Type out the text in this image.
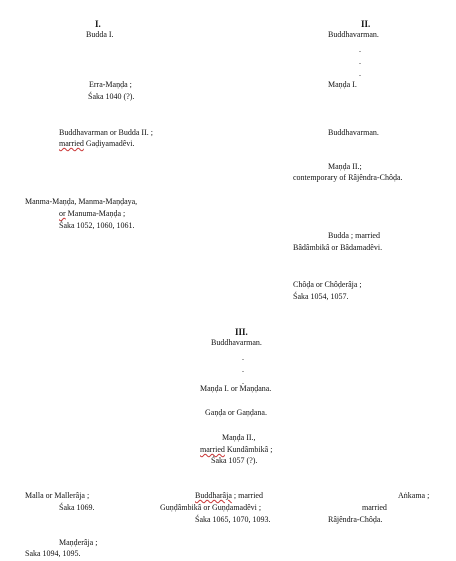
I.
Budda I.
Erra-Maṇḍa ;
Śaka 1040 (?).
Buddhavarman or Budda II. ;
married Gaḍiyamadêvi.
Manma-Maṇḍa, Manma-Maṇḍaya,
or Manuma-Maṇḍa ;
Śaka 1052, 1060, 1061.
II.
Buddhavarman.
.
.
.
Maṇḍa I.
Buddhavarman.
Maṇḍa II.;
contemporary of Râjêndra-Chôḍa.
Budda ; married
Bâdâmbikâ or Bâdamadêvi.
Chôḍa or Chôḍerâja ;
Śaka 1054, 1057.
III.
Buddhavarman.
.
.
.
Maṇḍa I. or Maṇḍana.
Gaṇḍa or Gaṇḍana.
Maṇḍa II.,
married Kundâmbikâ ;
Śaka 1057 (?).
Malla or Mallerâja ;
Śaka 1069.
Buddharâja ; married
Guṇḍâmbikâ or Guṇḍamadêvi ;
Śaka 1065, 1070, 1093.
Aṅkama ;
married
Râjêndra-Chôḍa.
Maṇḍerâja ;
Saka 1094, 1095.
